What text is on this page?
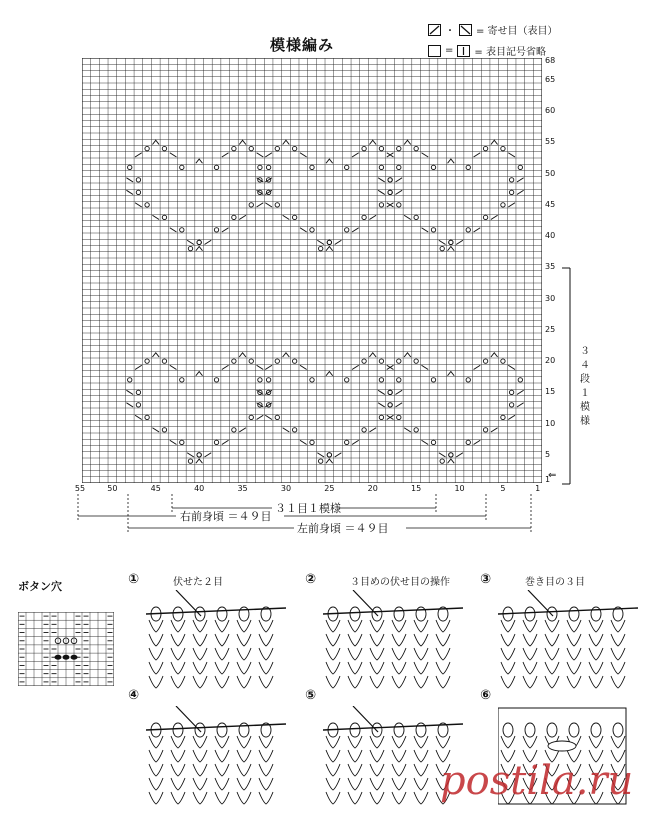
模様編み
・ = 寄せ目（表目）
= = 表目記号省略
1
5
10
15
20
25
30
35
40
45
50
55
60
65
68
55	50	45	40	35	30	25	20	15	10	5	1
３４段１模様
⇐
３１目１模様
右前身頃 ＝４９目
左前身頃 ＝４９目
ボタン穴	①	伏せた２目	②	３目めの伏せ目の操作 ③	巻き目の３目
④	⑤	⑥
postila.ru
